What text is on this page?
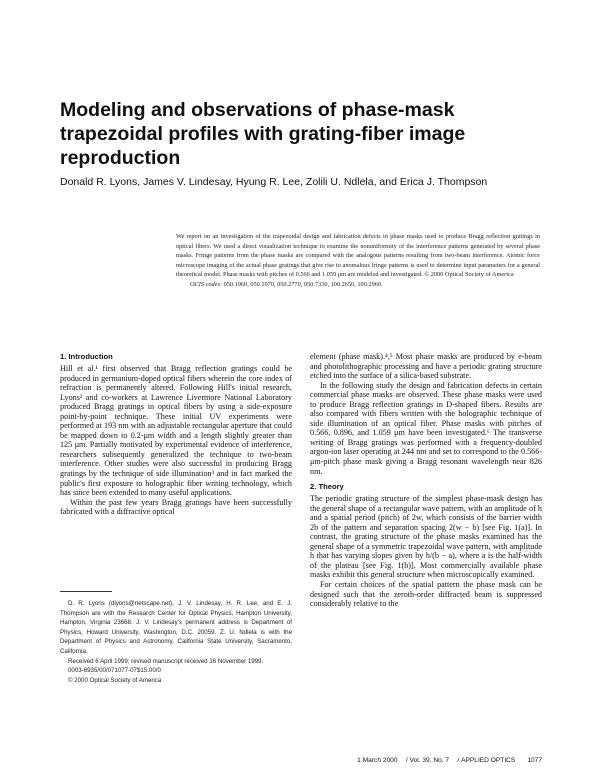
Modeling and observations of phase-mask trapezoidal profiles with grating-fiber image reproduction
Donald R. Lyons, James V. Lindesay, Hyung R. Lee, Zolili U. Ndlela, and Erica J. Thompson

We report on an investigation of the trapezoidal design and fabrication defects in phase masks used to produce Bragg reflection gratings in optical fibers. We used a direct visualization technique to examine the nonuniformity of the interference patterns generated by several phase masks. Fringe patterns from the phase masks are compared with the analogous patterns resulting from two-beam interference. Atomic force microscope imaging of the actual phase gratings that give rise to anomalous fringe patterns is used to determine input parameters for a general theoretical model. Phase masks with pitches of 0.566 and 1.059 μm are modeled and investigated. © 2000 Optical Society of America

OCIS codes: 050.1960, 050.1970, 050.2770, 050.7330, 100.2650, 100.2960.

1. Introduction

Hill et al.¹ first observed that Bragg reflection gratings could be produced in germanium-doped optical fibers wherein the core index of refraction is permanently altered. Following Hill's initial research, Lyons² and co-workers at Lawrence Livermore National Laboratory produced Bragg gratings in optical fibers by using a side-exposure point-by-point technique. These initial UV experiments were performed at 193 nm with an adjustable rectangular aperture that could be mapped down to 0.2-μm width and a length slightly greater than 125 μm. Partially motivated by experimental evidence of interference, researchers subsequently generalized the technique to two-beam interference. Other studies were also successful in producing Bragg gratings by the technique of side illumination³ and in fact marked the public's first exposure to holographic fiber writing technology, which has since been extended to many useful applications.

Within the past few years Bragg gratings have been successfully fabricated with a diffractive optical

D. R. Lyons (dlyons@netscape.net), J. V. Lindesay, H. R. Lee, and E. J. Thompson are with the Research Center for Optical Physics, Hampton University, Hampton, Virginia 23668. J. V. Lindesay's permanent address is Department of Physics, Howard University, Washington, D.C. 20059. Z. U. Ndlela is with the Department of Physics and Astronomy, California State University, Sacramento, California.

Received 6 April 1999; revised manuscript received 16 November 1999.

0003-6935/00/071077-07$15.00/0

© 2000 Optical Society of America

element (phase mask).⁴,⁵ Most phase masks are produced by e-beam and photolithographic processing and have a periodic grating structure etched into the surface of a silica-based substrate.

In the following study the design and fabrication defects in certain commercial phase masks are observed. These phase masks were used to produce Bragg reflection gratings in D-shaped fibers. Results are also compared with fibers written with the holographic technique of side illumination of an optical fiber. Phase masks with pitches of 0.566, 0.896, and 1.059 μm have been investigated.⁶ The transverse writing of Bragg gratings was performed with a frequency-doubled argon-ion laser operating at 244 nm and set to correspond to the 0.566-μm-pitch phase mask giving a Bragg resonant wavelength near 826 nm.

2. Theory

The periodic grating structure of the simplest phase-mask design has the general shape of a rectangular wave pattern, with an amplitude of h and a spatial period (pitch) of 2w, which consists of the barrier width 2b of the pattern and separation spacing 2(w − b) [see Fig. 1(a)]. In contrast, the grating structure of the phase masks examined has the general shape of a symmetric trapezoidal wave pattern, with amplitude h that has varying slopes given by h/(b − a), where a is the half-width of the plateau [see Fig. 1(b)]. Most commercially available phase masks exhibit this general structure when microscopically examined.

For certain choices of the spatial pattern the phase mask can be designed such that the zeroth-order diffracted beam is suppressed considerably relative to the

1 March 2000 / Vol. 39, No. 7 / APPLIED OPTICS 1077
